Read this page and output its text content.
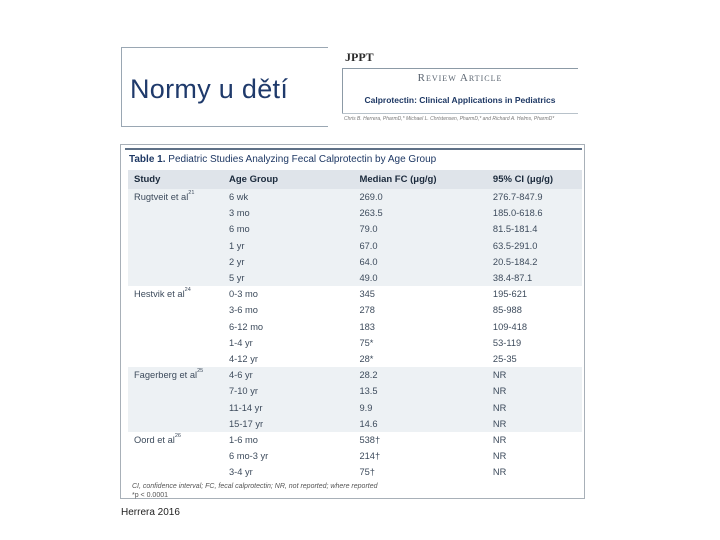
Normy u dětí
JPPT
Review Article
Calprotectin: Clinical Applications in Pediatrics
Chris B. Herrera, PharmD,* Michael L. Christensen, PharmD,* and Richard A. Helms, PharmD*
Table 1. Pediatric Studies Analyzing Fecal Calprotectin by Age Group
Study	Age Group	Median FC (μg/g)	95% CI (μg/g)
Rugtveit et $al^{21}$	6 wk	269.0	276.7-847.9
	3 mo	263.5	185.0-618.6
	6 mo	79.0	81.5-181.4
	1 yr	67.0	63.5-291.0
	2 yr	64.0	20.5-184.2
	5 yr	49.0	38.4-87.1
Hestvik et $al^{24}$	0-3 mo	345	195-621
	3-6 mo	278	85-988
	6-12 mo	183	109-418
	1-4 yr	75*	53-119
	4-12 yr	28*	25-35
Fagerberg et $al^{25}$	4-6 yr	28.2	NR
	7-10 yr	13.5	NR
	11-14 yr	9.9	NR
	15-17 yr	14.6	NR
Oord et $al^{26}$	1-6 mo	538†	NR
	6 mo-3 yr	214†	NR
	3-4 yr	75†	NR
CI, confidence interval; FC, fecal calprotectin; NR, not reported; where reported
*p < 0.0001
Herrera 2016
